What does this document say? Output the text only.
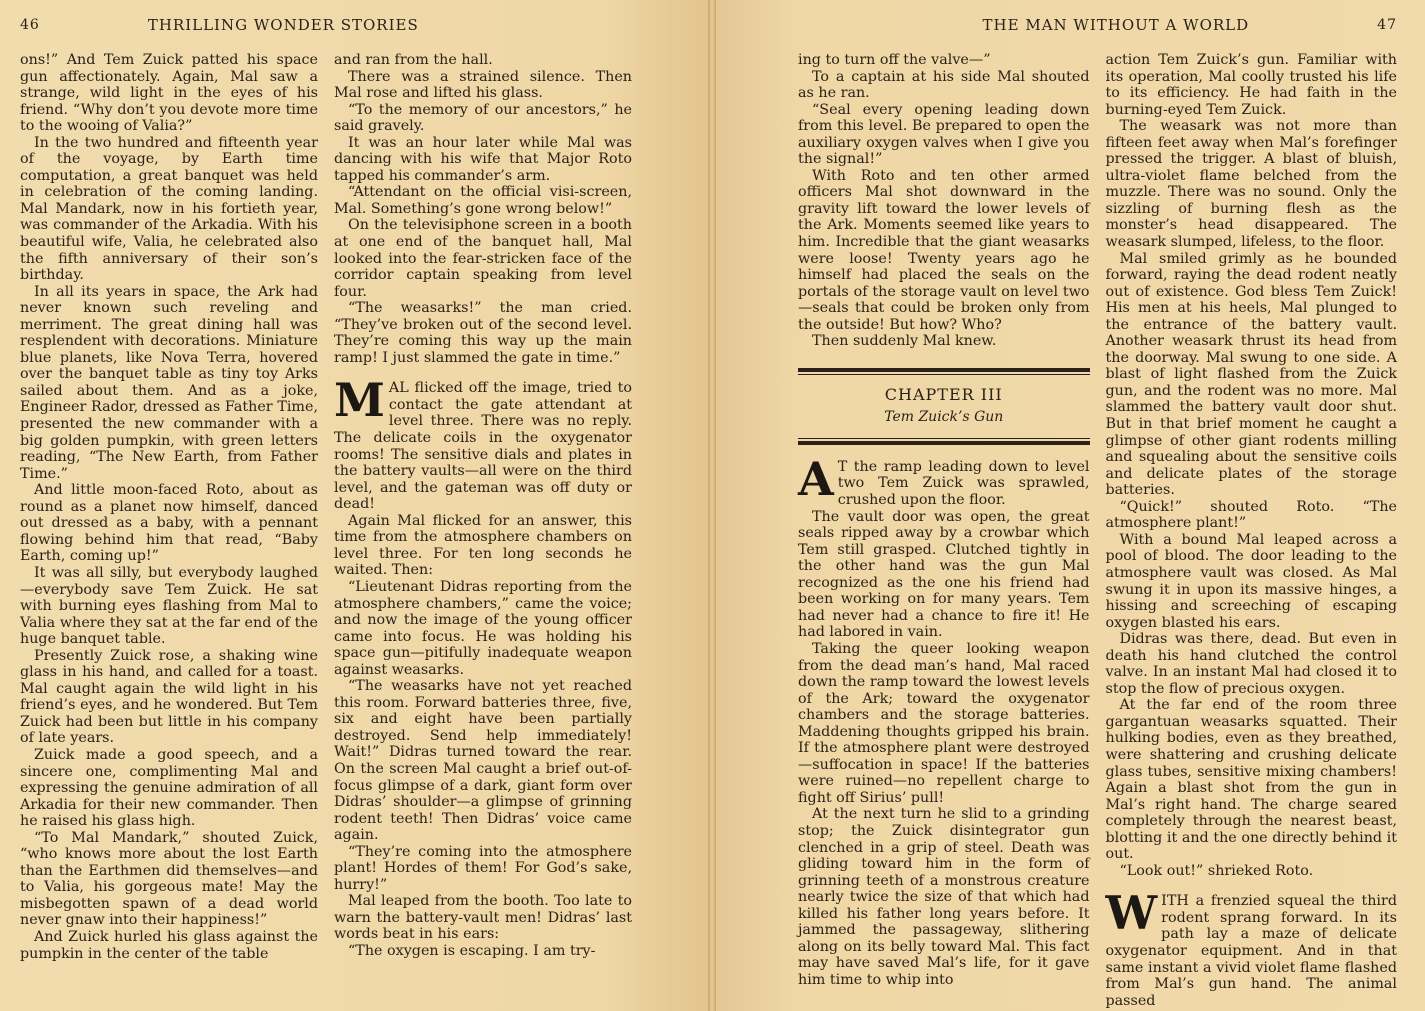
46	THRILLING WONDER STORIES

ons!” And Tem Zuick patted his space gun affectionately. Again, Mal saw a strange, wild light in the eyes of his friend. “Why don’t you devote more time to the wooing of Valia?”

In the two hundred and fifteenth year of the voyage, by Earth time computation, a great banquet was held in celebration of the coming landing. Mal Mandark, now in his fortieth year, was commander of the Arkadia. With his beautiful wife, Valia, he celebrated also the fifth anniversary of their son’s birthday.

In all its years in space, the Ark had never known such reveling and merriment. The great dining hall was resplendent with decorations. Miniature blue planets, like Nova Terra, hovered over the banquet table as tiny toy Arks sailed about them. And as a joke, Engineer Rador, dressed as Father Time, presented the new commander with a big golden pumpkin, with green letters reading, “The New Earth, from Father Time.”

And little moon-faced Roto, about as round as a planet now himself, danced out dressed as a baby, with a pennant flowing behind him that read, “Baby Earth, coming up!”

It was all silly, but everybody laughed—everybody save Tem Zuick. He sat with burning eyes flashing from Mal to Valia where they sat at the far end of the huge banquet table.

Presently Zuick rose, a shaking wine glass in his hand, and called for a toast. Mal caught again the wild light in his friend’s eyes, and he wondered. But Tem Zuick had been but little in his company of late years.

Zuick made a good speech, and a sincere one, complimenting Mal and expressing the genuine admiration of all Arkadia for their new commander. Then he raised his glass high.

“To Mal Mandark,” shouted Zuick, “who knows more about the lost Earth than the Earthmen did themselves—and to Valia, his gorgeous mate! May the misbegotten spawn of a dead world never gnaw into their happiness!”

And Zuick hurled his glass against the pumpkin in the center of the table

and ran from the hall.

There was a strained silence. Then Mal rose and lifted his glass.

“To the memory of our ancestors,” he said gravely.

It was an hour later while Mal was dancing with his wife that Major Roto tapped his commander’s arm.

“Attendant on the official visi-screen, Mal. Something’s gone wrong below!”

On the televisiphone screen in a booth at one end of the banquet hall, Mal looked into the fear-stricken face of the corridor captain speaking from level four.

“The weasarks!” the man cried. “They’ve broken out of the second level. They’re coming this way up the main ramp! I just slammed the gate in time.”

MAL flicked off the image, tried to contact the gate attendant at level three. There was no reply. The delicate coils in the oxygenator rooms! The sensitive dials and plates in the battery vaults—all were on the third level, and the gateman was off duty or dead!

Again Mal flicked for an answer, this time from the atmosphere chambers on level three. For ten long seconds he waited. Then:

“Lieutenant Didras reporting from the atmosphere chambers,” came the voice; and now the image of the young officer came into focus. He was holding his space gun—pitifully inadequate weapon against weasarks.

“The weasarks have not yet reached this room. Forward batteries three, five, six and eight have been partially destroyed. Send help immediately! Wait!” Didras turned toward the rear. On the screen Mal caught a brief out-of-focus glimpse of a dark, giant form over Didras’ shoulder—a glimpse of grinning rodent teeth! Then Didras’ voice came again.

“They’re coming into the atmosphere plant! Hordes of them! For God’s sake, hurry!”

Mal leaped from the booth. Too late to warn the battery-vault men! Didras’ last words beat in his ears:

“The oxygen is escaping. I am try-

THE MAN WITHOUT A WORLD	47

ing to turn off the valve—”

To a captain at his side Mal shouted as he ran.

“Seal every opening leading down from this level. Be prepared to open the auxiliary oxygen valves when I give you the signal!”

With Roto and ten other armed officers Mal shot downward in the gravity lift toward the lower levels of the Ark. Moments seemed like years to him. Incredible that the giant weasarks were loose! Twenty years ago he himself had placed the seals on the portals of the storage vault on level two—seals that could be broken only from the outside! But how? Who?

Then suddenly Mal knew.

CHAPTER III
Tem Zuick’s Gun

A T the ramp leading down to level two Tem Zuick was sprawled, crushed upon the floor.

The vault door was open, the great seals ripped away by a crowbar which Tem still grasped. Clutched tightly in the other hand was the gun Mal recognized as the one his friend had been working on for many years. Tem had never had a chance to fire it! He had labored in vain.

Taking the queer looking weapon from the dead man’s hand, Mal raced down the ramp toward the lowest levels of the Ark; toward the oxygenator chambers and the storage batteries. Maddening thoughts gripped his brain. If the atmosphere plant were destroyed—suffocation in space! If the batteries were ruined—no repellent charge to fight off Sirius’ pull!

At the next turn he slid to a grinding stop; the Zuick disintegrator gun clenched in a grip of steel. Death was gliding toward him in the form of grinning teeth of a monstrous creature nearly twice the size of that which had killed his father long years before. It jammed the passageway, slithering along on its belly toward Mal. This fact may have saved Mal’s life, for it gave him time to whip into

action Tem Zuick’s gun. Familiar with its operation, Mal coolly trusted his life to its efficiency. He had faith in the burning-eyed Tem Zuick.

The weasark was not more than fifteen feet away when Mal’s forefinger pressed the trigger. A blast of bluish, ultra-violet flame belched from the muzzle. There was no sound. Only the sizzling of burning flesh as the monster’s head disappeared. The weasark slumped, lifeless, to the floor.

Mal smiled grimly as he bounded forward, raying the dead rodent neatly out of existence. God bless Tem Zuick! His men at his heels, Mal plunged to the entrance of the battery vault. Another weasark thrust its head from the doorway. Mal swung to one side. A blast of light flashed from the Zuick gun, and the rodent was no more. Mal slammed the battery vault door shut. But in that brief moment he caught a glimpse of other giant rodents milling and squealing about the sensitive coils and delicate plates of the storage batteries.

“Quick!” shouted Roto. “The atmosphere plant!”

With a bound Mal leaped across a pool of blood. The door leading to the atmosphere vault was closed. As Mal swung it in upon its massive hinges, a hissing and screeching of escaping oxygen blasted his ears.

Didras was there, dead. But even in death his hand clutched the control valve. In an instant Mal had closed it to stop the flow of precious oxygen.

At the far end of the room three gargantuan weasarks squatted. Their hulking bodies, even as they breathed, were shattering and crushing delicate glass tubes, sensitive mixing chambers! Again a blast shot from the gun in Mal’s right hand. The charge seared completely through the nearest beast, blotting it and the one directly behind it out.

“Look out!” shrieked Roto.

WITH a frenzied squeal the third rodent sprang forward. In its path lay a maze of delicate oxygenator equipment. And in that same instant a vivid violet flame flashed from Mal’s gun hand. The animal passed
